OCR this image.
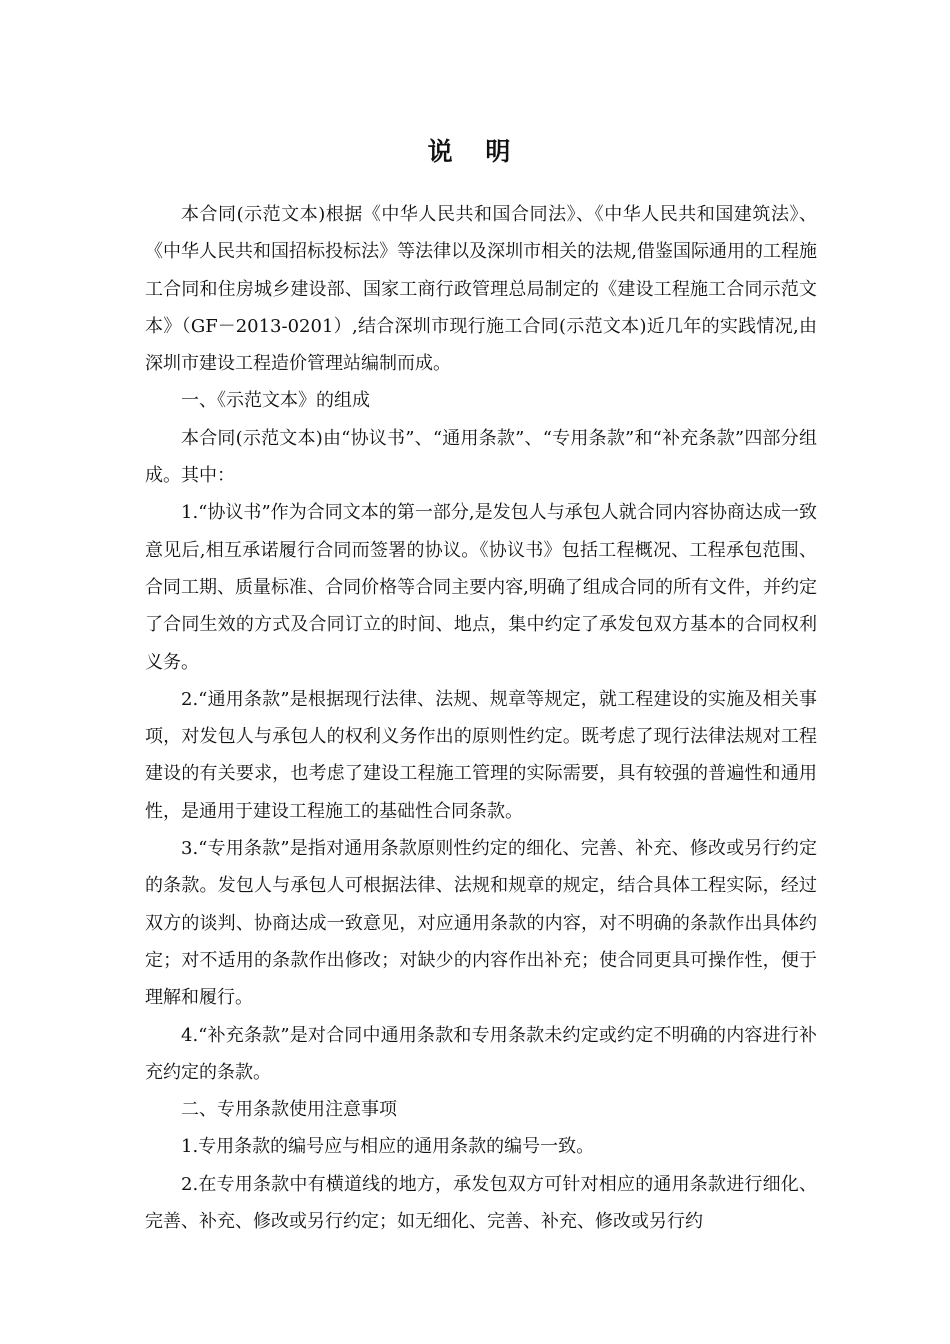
说 明

本合同(示范文本)根据《中华人民共和国合同法》、《中华人民共和国建筑法》、《中华人民共和国招标投标法》等法律以及深圳市相关的法规,借鉴国际通用的工程施工合同和住房城乡建设部、国家工商行政管理总局制定的《建设工程施工合同示范文本》（GF－2013-0201）,结合深圳市现行施工合同(示范文本)近几年的实践情况,由深圳市建设工程造价管理站编制而成。

一、《示范文本》的组成

本合同(示范文本)由“协议书”、“通用条款”、“专用条款”和“补充条款”四部分组成。其中：

1.“协议书”作为合同文本的第一部分,是发包人与承包人就合同内容协商达成一致意见后,相互承诺履行合同而签署的协议。《协议书》包括工程概况、工程承包范围、合同工期、质量标准、合同价格等合同主要内容,明确了组成合同的所有文件，并约定了合同生效的方式及合同订立的时间、地点，集中约定了承发包双方基本的合同权利义务。

2.“通用条款”是根据现行法律、法规、规章等规定，就工程建设的实施及相关事项，对发包人与承包人的权利义务作出的原则性约定。既考虑了现行法律法规对工程建设的有关要求，也考虑了建设工程施工管理的实际需要，具有较强的普遍性和通用性，是通用于建设工程施工的基础性合同条款。

3.“专用条款”是指对通用条款原则性约定的细化、完善、补充、修改或另行约定的条款。发包人与承包人可根据法律、法规和规章的规定，结合具体工程实际，经过双方的谈判、协商达成一致意见，对应通用条款的内容，对不明确的条款作出具体约定；对不适用的条款作出修改；对缺少的内容作出补充；使合同更具可操作性，便于理解和履行。

4.“补充条款”是对合同中通用条款和专用条款未约定或约定不明确的内容进行补充约定的条款。

二、专用条款使用注意事项

1.专用条款的编号应与相应的通用条款的编号一致。

2.在专用条款中有横道线的地方，承发包双方可针对相应的通用条款进行细化、完善、补充、修改或另行约定；如无细化、完善、补充、修改或另行约
